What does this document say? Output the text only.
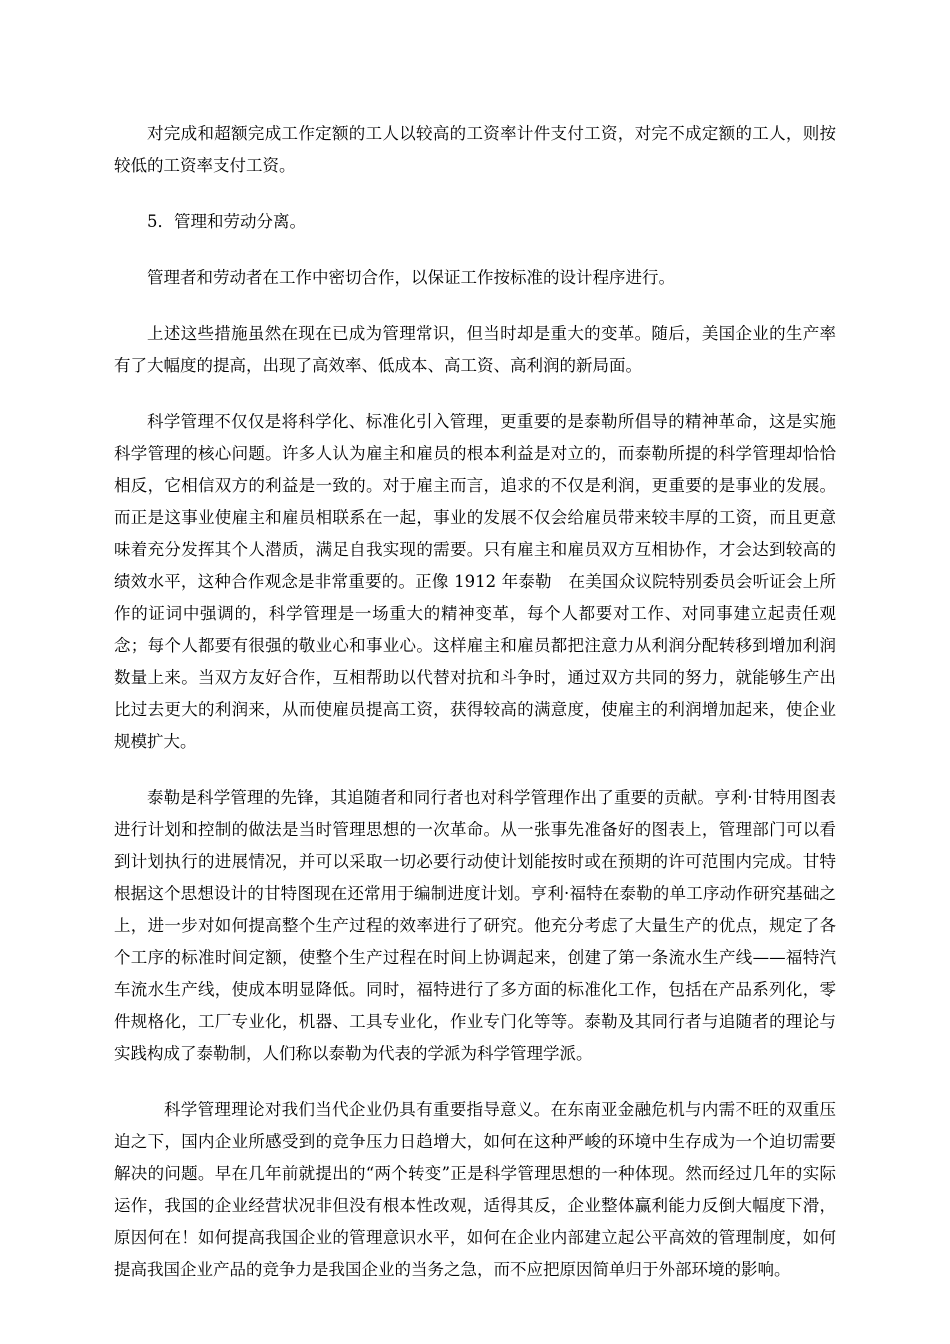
对完成和超额完成工作定额的工人以较高的工资率计件支付工资，对完不成定额的工人，则按较低的工资率支付工资。

5．管理和劳动分离。

管理者和劳动者在工作中密切合作，以保证工作按标准的设计程序进行。

上述这些措施虽然在现在已成为管理常识，但当时却是重大的变革。随后，美国企业的生产率有了大幅度的提高，出现了高效率、低成本、高工资、高利润的新局面。

科学管理不仅仅是将科学化、标准化引入管理，更重要的是泰勒所倡导的精神革命，这是实施科学管理的核心问题。许多人认为雇主和雇员的根本利益是对立的，而泰勒所提的科学管理却恰恰相反，它相信双方的利益是一致的。对于雇主而言，追求的不仅是利润，更重要的是事业的发展。而正是这事业使雇主和雇员相联系在一起，事业的发展不仅会给雇员带来较丰厚的工资，而且更意味着充分发挥其个人潜质，满足自我实现的需要。只有雇主和雇员双方互相协作，才会达到较高的绩效水平，这种合作观念是非常重要的。正像 1912 年泰勒　在美国众议院特别委员会听证会上所作的证词中强调的，科学管理是一场重大的精神变革，每个人都要对工作、对同事建立起责任观念；每个人都要有很强的敬业心和事业心。这样雇主和雇员都把注意力从利润分配转移到增加利润数量上来。当双方友好合作，互相帮助以代替对抗和斗争时，通过双方共同的努力，就能够生产出比过去更大的利润来，从而使雇员提高工资，获得较高的满意度，使雇主的利润增加起来，使企业规模扩大。

泰勒是科学管理的先锋，其追随者和同行者也对科学管理作出了重要的贡献。亨利·甘特用图表进行计划和控制的做法是当时管理思想的一次革命。从一张事先准备好的图表上，管理部门可以看到计划执行的进展情况，并可以采取一切必要行动使计划能按时或在预期的许可范围内完成。甘特根据这个思想设计的甘特图现在还常用于编制进度计划。亨利·福特在泰勒的单工序动作研究基础之上，进一步对如何提高整个生产过程的效率进行了研究。他充分考虑了大量生产的优点，规定了各个工序的标准时间定额，使整个生产过程在时间上协调起来，创建了第一条流水生产线——福特汽车流水生产线，使成本明显降低。同时，福特进行了多方面的标准化工作，包括在产品系列化，零件规格化，工厂专业化，机器、工具专业化，作业专门化等等。泰勒及其同行者与追随者的理论与实践构成了泰勒制，人们称以泰勒为代表的学派为科学管理学派。

科学管理理论对我们当代企业仍具有重要指导意义。在东南亚金融危机与内需不旺的双重压迫之下，国内企业所感受到的竞争压力日趋增大，如何在这种严峻的环境中生存成为一个迫切需要解决的问题。早在几年前就提出的“两个转变”正是科学管理思想的一种体现。然而经过几年的实际运作，我国的企业经营状况非但没有根本性改观，适得其反，企业整体赢利能力反倒大幅度下滑，原因何在！如何提高我国企业的管理意识水平，如何在企业内部建立起公平高效的管理制度，如何提高我国企业产品的竞争力是我国企业的当务之急，而不应把原因简单归于外部环境的影响。
